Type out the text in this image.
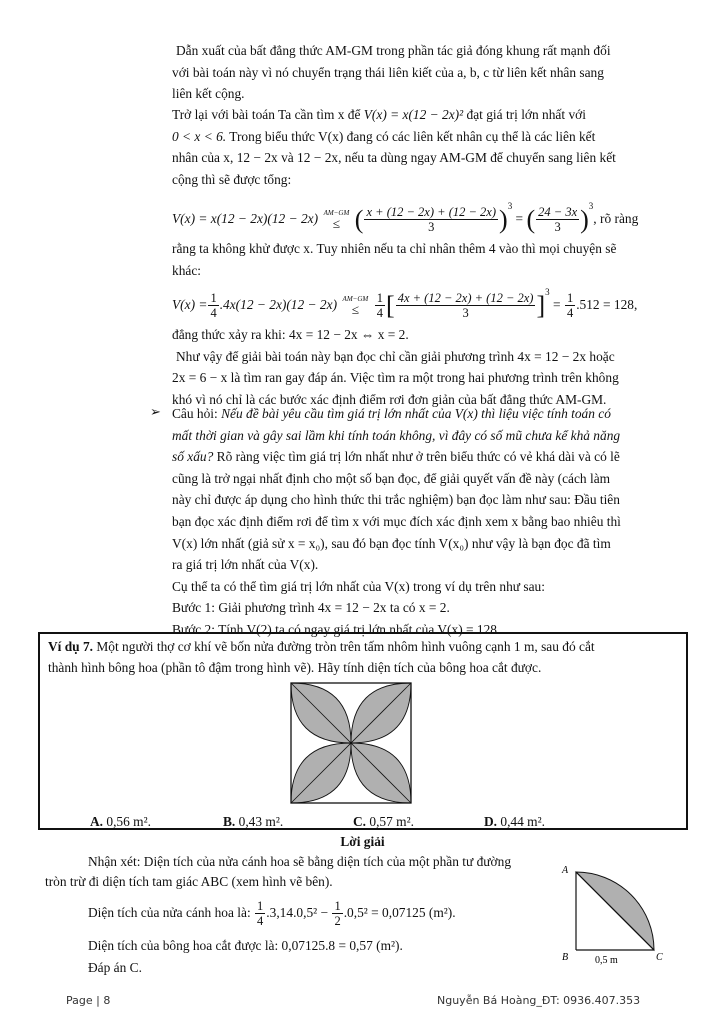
Dẫn xuất của bất đẳng thức AM-GM trong phần tác giả đóng khung rất mạnh đối
với bài toán này vì nó chuyển trạng thái liên kiết của a, b, c từ liên kết nhân sang
liên kết cộng.
Trở lại với bài toán Ta cần tìm x để V(x) = x(12 − 2x)² đạt giá trị lớn nhất với
0 < x < 6. Trong biểu thức V(x) đang có các liên kết nhân cụ thể là các liên kết
nhân của x, 12 − 2x và 12 − 2x, nếu ta dùng ngay AM-GM để chuyển sang liên kết
cộng thì sẽ được tổng:
V(x) = x(12 − 2x)(12 − 2x) AM−GM
≤ ( $\frac{x + (12 - 2x) + (12 - 2x)}{3} )^3$ = ( $\frac{24 - 3x}{3} )^3$, rõ ràng
rằng ta không khử được x. Tuy nhiên nếu ta chỉ nhân thêm 4 vào thì mọi chuyện sẽ
khác:
$V(x) = \frac{1}{4} .4x(12 - 2x)(12 - 2x)$ AM−GM
≤
	$\frac{1}{4}$ [ $\frac{4x + (12 - 2x) + (12 - 2x)}{3} ]^3 = \frac{1}{4} .512 = 128$,
đẳng thức xảy ra khi: 4x = 12 − 2x ⇔ x = 2.
Như vậy để giải bài toán này bạn đọc chỉ cần giải phương trình 4x = 12 − 2x hoặc
2x = 6 − x là tìm ran gay đáp án. Việc tìm ra một trong hai phương trình trên không
khó vì nó chỉ là các bước xác định điểm rơi đơn giản của bất đẳng thức AM-GM.
➢ Câu hỏi: Nếu đề bài yêu cầu tìm giá trị lớn nhất của V(x) thì liệu việc tính toán có
mất thời gian và gây sai lầm khi tính toán không, vì đây có số mũ chưa kể khả năng
số xấu? Rõ ràng việc tìm giá trị lớn nhất như ở trên biểu thức có vẻ khá dài và có lẽ
cũng là trở ngại nhất định cho một số bạn đọc, để giải quyết vấn đề này (cách làm
này chỉ được áp dụng cho hình thức thi trắc nghiệm) bạn đọc làm như sau: Đầu tiên
bạn đọc xác định điểm rơi để tìm x với mục đích xác định xem x bằng bao nhiêu thì
V(x) lớn nhất (giả sử x = x₀), sau đó bạn đọc tính V(x₀) như vậy là bạn đọc đã tìm
ra giá trị lớn nhất của V(x).
Cụ thể ta có thể tìm giá trị lớn nhất của V(x) trong ví dụ trên như sau:
Bước 1: Giải phương trình 4x = 12 − 2x ta có x = 2.
Bước 2: Tính V(2) ta có ngay giá trị lớn nhất của V(x) = 128.
Ví dụ 7. Một người thợ cơ khí vẽ bốn nửa đường tròn trên tấm nhôm hình vuông cạnh 1 m, sau đó cắt
thành hình bông hoa (phần tô đậm trong hình vẽ). Hãy tính diện tích của bông hoa cắt được.
A. 0,56 m².	B. 0,43 m².	C. 0,57 m².	D. 0,44 m².
Lời giải
Nhận xét: Diện tích của nửa cánh hoa sẽ bằng diện tích của một phần tư đường
tròn trừ đi diện tích tam giác ABC (xem hình vẽ bên).
Diện tích của nửa cánh hoa là: $\frac{1}{4} .3,14.0,5^2 - \frac{1}{2} .0,5^2 = 0,07125$ (m²).
Diện tích của bông hoa cắt được là: 0,07125.8 = 0,57 (m²).
Đáp án C.
A
B	C
0,5 m
Page | 8	Nguyễn Bá Hoàng_ĐT: 0936.407.353
